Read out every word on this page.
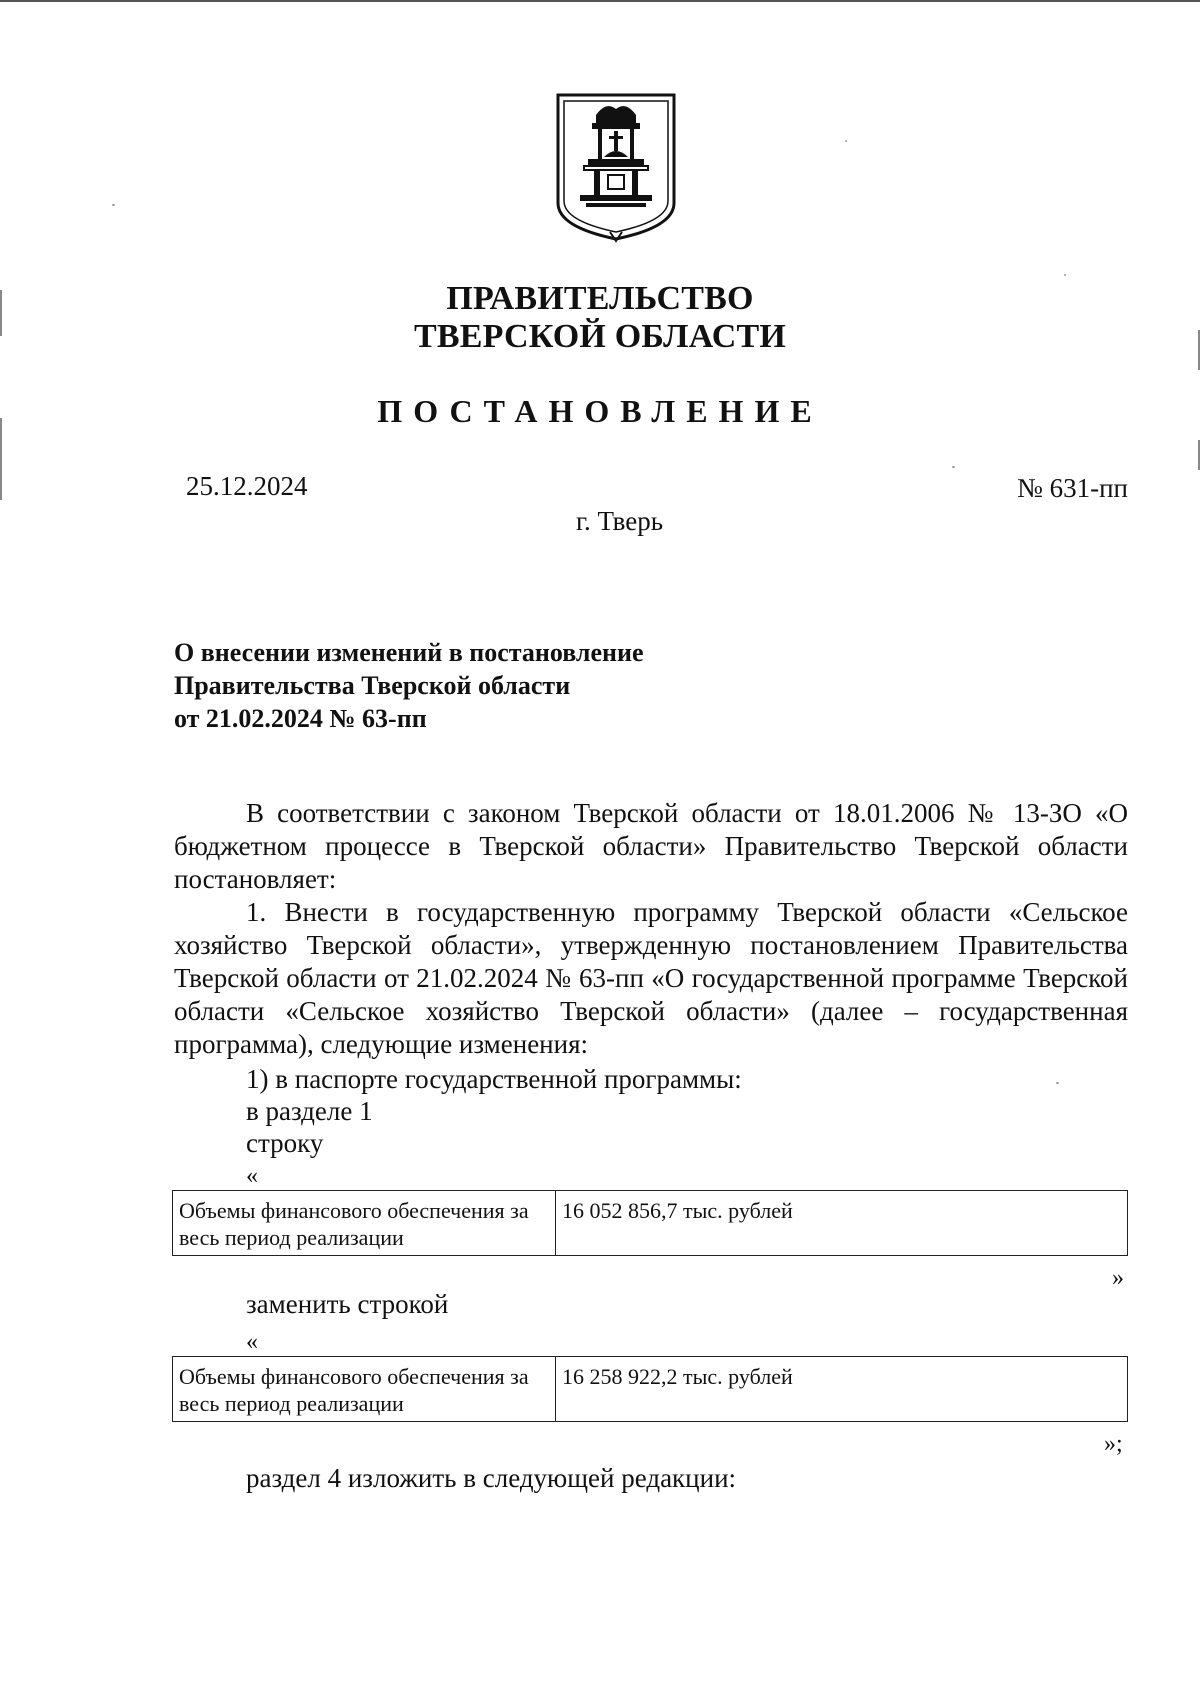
ПРАВИТЕЛЬСТВО
ТВЕРСКОЙ ОБЛАСТИ
ПОСТАНОВЛЕНИЕ
25.12.2024	№ 631-пп
г. Тверь
О внесении изменений в постановление
Правительства Тверской области
от 21.02.2024 № 63-пп

В соответствии с законом Тверской области от 18.01.2006 № 13-ЗО «О бюджетном процессе в Тверской области» Правительство Тверской области постановляет:

1. Внести в государственную программу Тверской области «Сельское хозяйство Тверской области», утвержденную постановлением Правительства Тверской области от 21.02.2024 № 63-пп «О государственной программе Тверской области «Сельское хозяйство Тверской области» (далее – государственная программа), следующие изменения:

1) в паспорте государственной программы:
в разделе 1
строку
«
Объемы финансового обеспечения за весь период реализации	16 052 856,7 тыс. рублей
»
заменить строкой
«
Объемы финансового обеспечения за весь период реализации	16 258 922,2 тыс. рублей
»;
раздел 4 изложить в следующей редакции:
